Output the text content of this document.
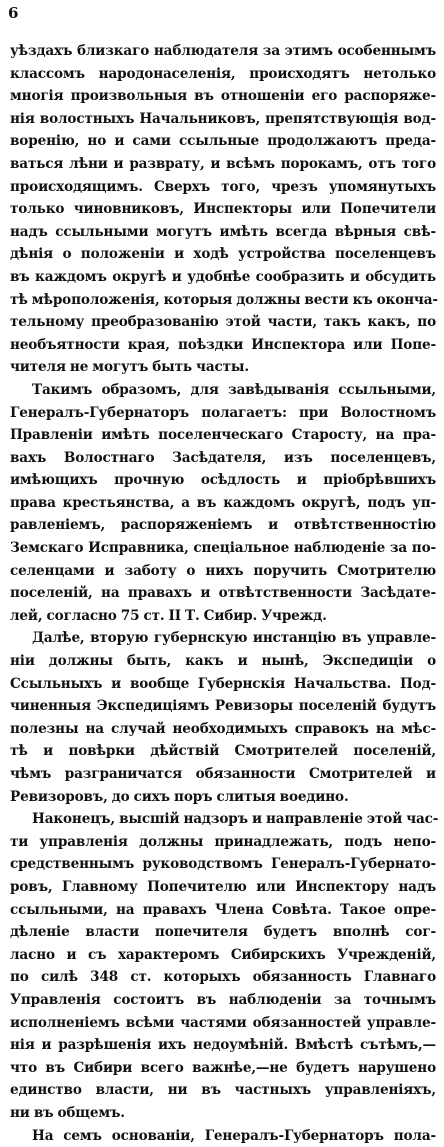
6
уѣздахъ близкаго наблюдателя за этимъ особеннымъ
классомъ народонаселенія, происходятъ нетолько
многія произвольныя въ отношеніи его распоряже-
нія волостныхъ Начальниковъ, препятствующія вод-
воренію, но и сами ссыльные продолжаютъ преда-
ваться лѣни и разврату, и всѣмъ порокамъ, отъ того
происходящимъ. Сверхъ того, чрезъ упомянутыхъ
только чиновниковъ, Инспекторы или Попечители
надъ ссыльными могутъ имѣть всегда вѣрныя свѣ-
дѣнія о положеніи и ходѣ устройства поселенцевъ
въ каждомъ округѣ и удобнѣе сообразить и обсудить
тѣ мѣроположенія, которыя должны вести къ оконча-
тельному преобразованію этой части, такъ какъ, по
необъятности края, поѣздки Инспектора или Попе-
чителя не могутъ быть часты.
Такимъ образомъ, для завѣдыванія ссыльными,
Генералъ-Губернаторъ полагаетъ: при Волостномъ
Правленіи имѣть поселенческаго Старосту, на пра-
вахъ Волостнаго Засѣдателя, изъ поселенцевъ,
имѣющихъ прочную осѣдлость и пріобрѣвшихъ
права крестьянства, а въ каждомъ округѣ, подъ уп-
равленіемъ, распоряженіемъ и отвѣтственностію
Земскаго Исправника, спеціальное наблюденіе за по-
селенцами и заботу о нихъ поручить Смотрителю
поселеній, на правахъ и отвѣтственности Засѣдате-
лей, согласно 75 ст. II Т. Сибир. Учрежд.
Далѣе, вторую губернскую инстанцію въ управле-
ніи должны быть, какъ и нынѣ, Экспедиціи о
Ссыльныхъ и вообще Губернскія Начальства. Под-
чиненныя Экспедиціямъ Ревизоры поселеній будутъ
полезны на случай необходимыхъ справокъ на мѣс-
тѣ и повѣрки дѣйствій Смотрителей поселеній,
чѣмъ разграничатся обязанности Смотрителей и
Ревизоровъ, до сихъ поръ слитыя воедино.
Наконецъ, высшій надзоръ и направленіе этой час-
ти управленія должны принадлежать, подъ непо-
средственнымъ руководствомъ Генералъ-Губернато-
ровъ, Главному Попечителю или Инспектору надъ
ссыльными, на правахъ Члена Совѣта. Такое опре-
дѣленіе власти попечителя будетъ вполнѣ сог-
ласно и съ характеромъ Сибирскихъ Учрежденій,
по силѣ 348 ст. которыхъ обязанность Главнаго
Управленія состоитъ въ наблюденіи за точнымъ
исполненіемъ всѣми частями обязанностей управле-
нія и разрѣшенія ихъ недоумѣній. Вмѣстѣ сътѣмъ,—
что въ Сибири всего важнѣе,—не будетъ нарушено
единство власти, ни въ частныхъ управленіяхъ,
ни въ общемъ.
На семъ основаніи, Генералъ-Губернаторъ пола-
